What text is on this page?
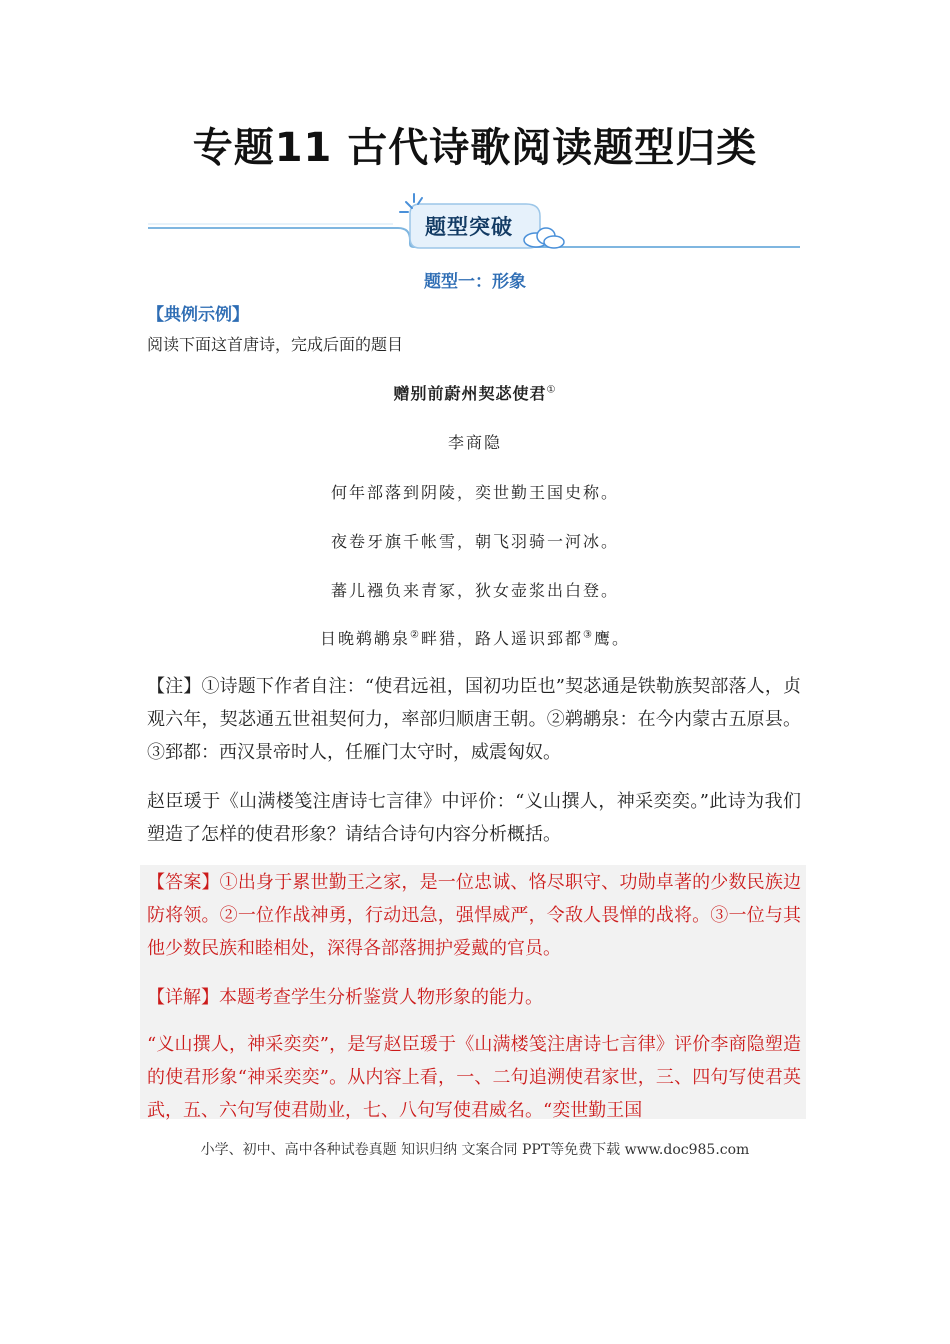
专题11 古代诗歌阅读题型归类
题型突破
题型一：形象
【典例示例】
阅读下面这首唐诗，完成后面的题目
赠别前蔚州契苾使君①
李商隐
何年部落到阴陵，奕世勤王国史称。
夜卷牙旗千帐雪，朝飞羽骑一河冰。
蕃儿襁负来青冢，狄女壶浆出白登。
日晚鹈鹕泉②畔猎，路人遥识郅都③鹰。
【注】①诗题下作者自注：“使君远祖，国初功臣也”契苾通是铁勒族契部落人，贞观六年，契苾通五世祖契何力，率部归顺唐王朝。②鹈鹕泉：在今内蒙古五原县。③郅都：西汉景帝时人，任雁门太守时，威震匈奴。
赵臣瑗于《山满楼笺注唐诗七言律》中评价：“义山撰人，神采奕奕。”此诗为我们塑造了怎样的使君形象？请结合诗句内容分析概括。
【答案】①出身于累世勤王之家，是一位忠诚、恪尽职守、功勋卓著的少数民族边防将领。②一位作战神勇，行动迅急，强悍威严，令敌人畏惮的战将。③一位与其他少数民族和睦相处，深得各部落拥护爱戴的官员。
【详解】本题考查学生分析鉴赏人物形象的能力。
“义山撰人，神采奕奕”，是写赵臣瑗于《山满楼笺注唐诗七言律》评价李商隐塑造的使君形象“神采奕奕”。从内容上看，一、二句追溯使君家世，三、四句写使君英武，五、六句写使君勋业，七、八句写使君威名。“奕世勤王国
小学、初中、高中各种试卷真题 知识归纳 文案合同 PPT等免费下载 www.doc985.com
